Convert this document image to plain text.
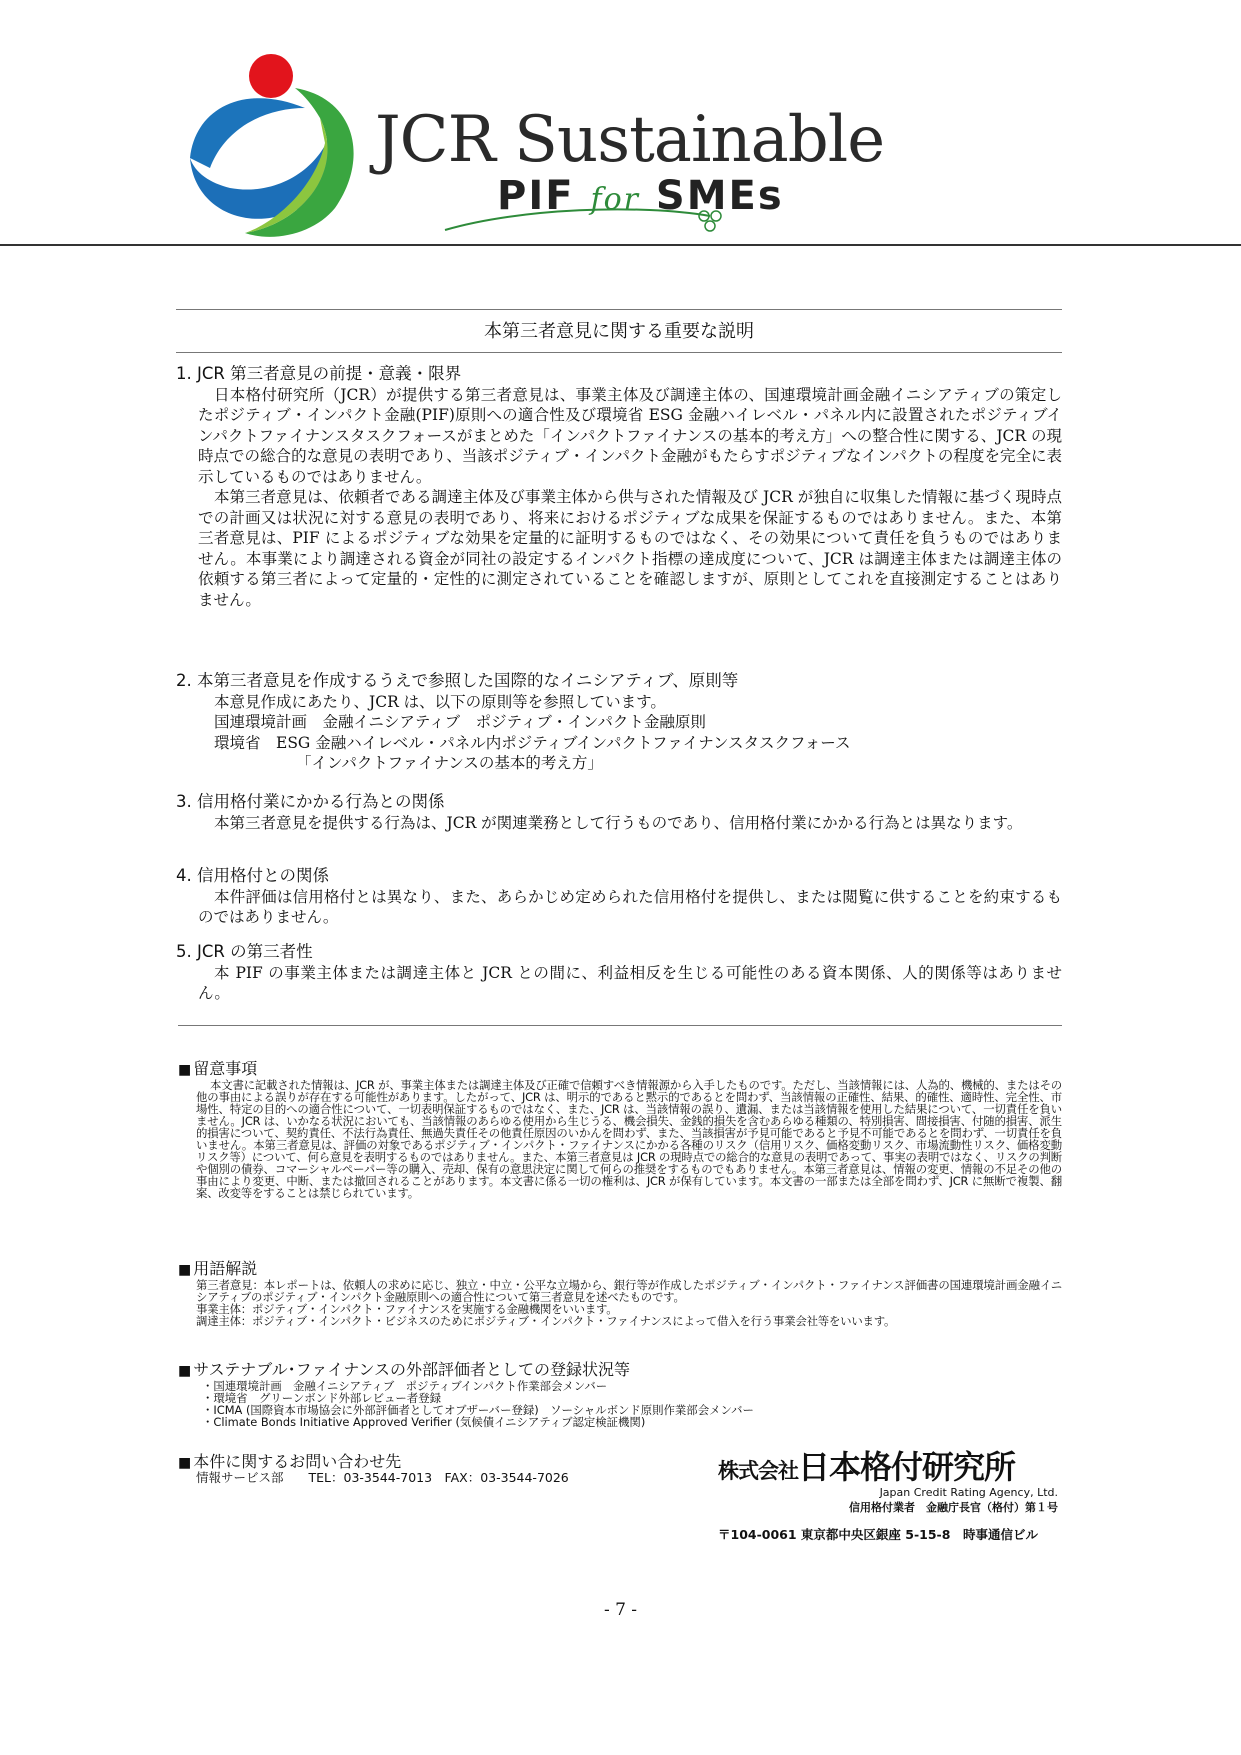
JCR Sustainable
PIF for SMEs
本第三者意見に関する重要な説明
1. JCR 第三者意見の前提・意義・限界

日本格付研究所（JCR）が提供する第三者意見は、事業主体及び調達主体の、国連環境計画金融イニシアティブの策定したポジティブ・インパクト金融(PIF)原則への適合性及び環境省 ESG 金融ハイレベル・パネル内に設置されたポジティブインパクトファイナンスタスクフォースがまとめた「インパクトファイナンスの基本的考え方」への整合性に関する、JCR の現時点での総合的な意見の表明であり、当該ポジティブ・インパクト金融がもたらすポジティブなインパクトの程度を完全に表示しているものではありません。

本第三者意見は、依頼者である調達主体及び事業主体から供与された情報及び JCR が独自に収集した情報に基づく現時点での計画又は状況に対する意見の表明であり、将来におけるポジティブな成果を保証するものではありません。また、本第三者意見は、PIF によるポジティブな効果を定量的に証明するものではなく、その効果について責任を負うものではありません。本事業により調達される資金が同社の設定するインパクト指標の達成度について、JCR は調達主体または調達主体の依頼する第三者によって定量的・定性的に測定されていることを確認しますが、原則としてこれを直接測定することはありません。

2. 本第三者意見を作成するうえで参照した国際的なイニシアティブ、原則等
本意見作成にあたり、JCR は、以下の原則等を参照しています。
国連環境計画　金融イニシアティブ　ポジティブ・インパクト金融原則
環境省　ESG 金融ハイレベル・パネル内ポジティブインパクトファイナンスタスクフォース
「インパクトファイナンスの基本的考え方」
3. 信用格付業にかかる行為との関係

本第三者意見を提供する行為は、JCR が関連業務として行うものであり、信用格付業にかかる行為とは異なります。

4. 信用格付との関係

本件評価は信用格付とは異なり、また、あらかじめ定められた信用格付を提供し、または閲覧に供することを約束するものではありません。

5. JCR の第三者性

本 PIF の事業主体または調達主体と JCR との間に、利益相反を生じる可能性のある資本関係、人的関係等はありません。

■ 留意事項

本文書に記載された情報は、JCR が、事業主体または調達主体及び正確で信頼すべき情報源から入手したものです。ただし、当該情報には、人為的、機械的、またはその他の事由による誤りが存在する可能性があります。したがって、JCR は、明示的であると黙示的であるとを問わず、当該情報の正確性、結果、的確性、適時性、完全性、市場性、特定の目的への適合性について、一切表明保証するものではなく、また、JCR は、当該情報の誤り、遺漏、または当該情報を使用した結果について、一切責任を負いません。JCR は、いかなる状況においても、当該情報のあらゆる使用から生じうる、機会損失、金銭的損失を含むあらゆる種類の、特別損害、間接損害、付随的損害、派生的損害について、契約責任、不法行為責任、無過失責任その他責任原因のいかんを問わず、また、当該損害が予見可能であると予見不可能であるとを問わず、一切責任を負いません。本第三者意見は、評価の対象であるポジティブ・インパクト・ファイナンスにかかる各種のリスク（信用リスク、価格変動リスク、市場流動性リスク、価格変動リスク等）について、何ら意見を表明するものではありません。また、本第三者意見は JCR の現時点での総合的な意見の表明であって、事実の表明ではなく、リスクの判断や個別の債券、コマーシャルペーパー等の購入、売却、保有の意思決定に関して何らの推奨をするものでもありません。本第三者意見は、情報の変更、情報の不足その他の事由により変更、中断、または撤回されることがあります。本文書に係る一切の権利は、JCR が保有しています。本文書の一部または全部を問わず、JCR に無断で複製、翻案、改変等をすることは禁じられています。

■ 用語解説

第三者意見：本レポートは、依頼人の求めに応じ、独立・中立・公平な立場から、銀行等が作成したポジティブ・インパクト・ファイナンス評価書の国連環境計画金融イニシアティブのポジティブ・インパクト金融原則への適合性について第三者意見を述べたものです。

事業主体：ポジティブ・インパクト・ファイナンスを実施する金融機関をいいます。

調達主体：ポジティブ・インパクト・ビジネスのためにポジティブ・インパクト・ファイナンスによって借入を行う事業会社等をいいます。

■ サステナブル･ファイナンスの外部評価者としての登録状況等
・国連環境計画　金融イニシアティブ　ポジティブインパクト作業部会メンバー
・環境省　グリーンボンド外部レビュー者登録
・ICMA (国際資本市場協会に外部評価者としてオブザーバー登録)　ソーシャルボンド原則作業部会メンバー
・Climate Bonds Initiative Approved Verifier (気候債イニシアティブ認定検証機関)
■ 本件に関するお問い合わせ先
情報サービス部　　TEL：03-3544-7013　FAX：03-3544-7026	株式会社日本格付研究所
Japan Credit Rating Agency, Ltd.
信用格付業者　金融庁長官（格付）第１号
〒104-0061 東京都中央区銀座 5-15-8　時事通信ビル
- 7 -
